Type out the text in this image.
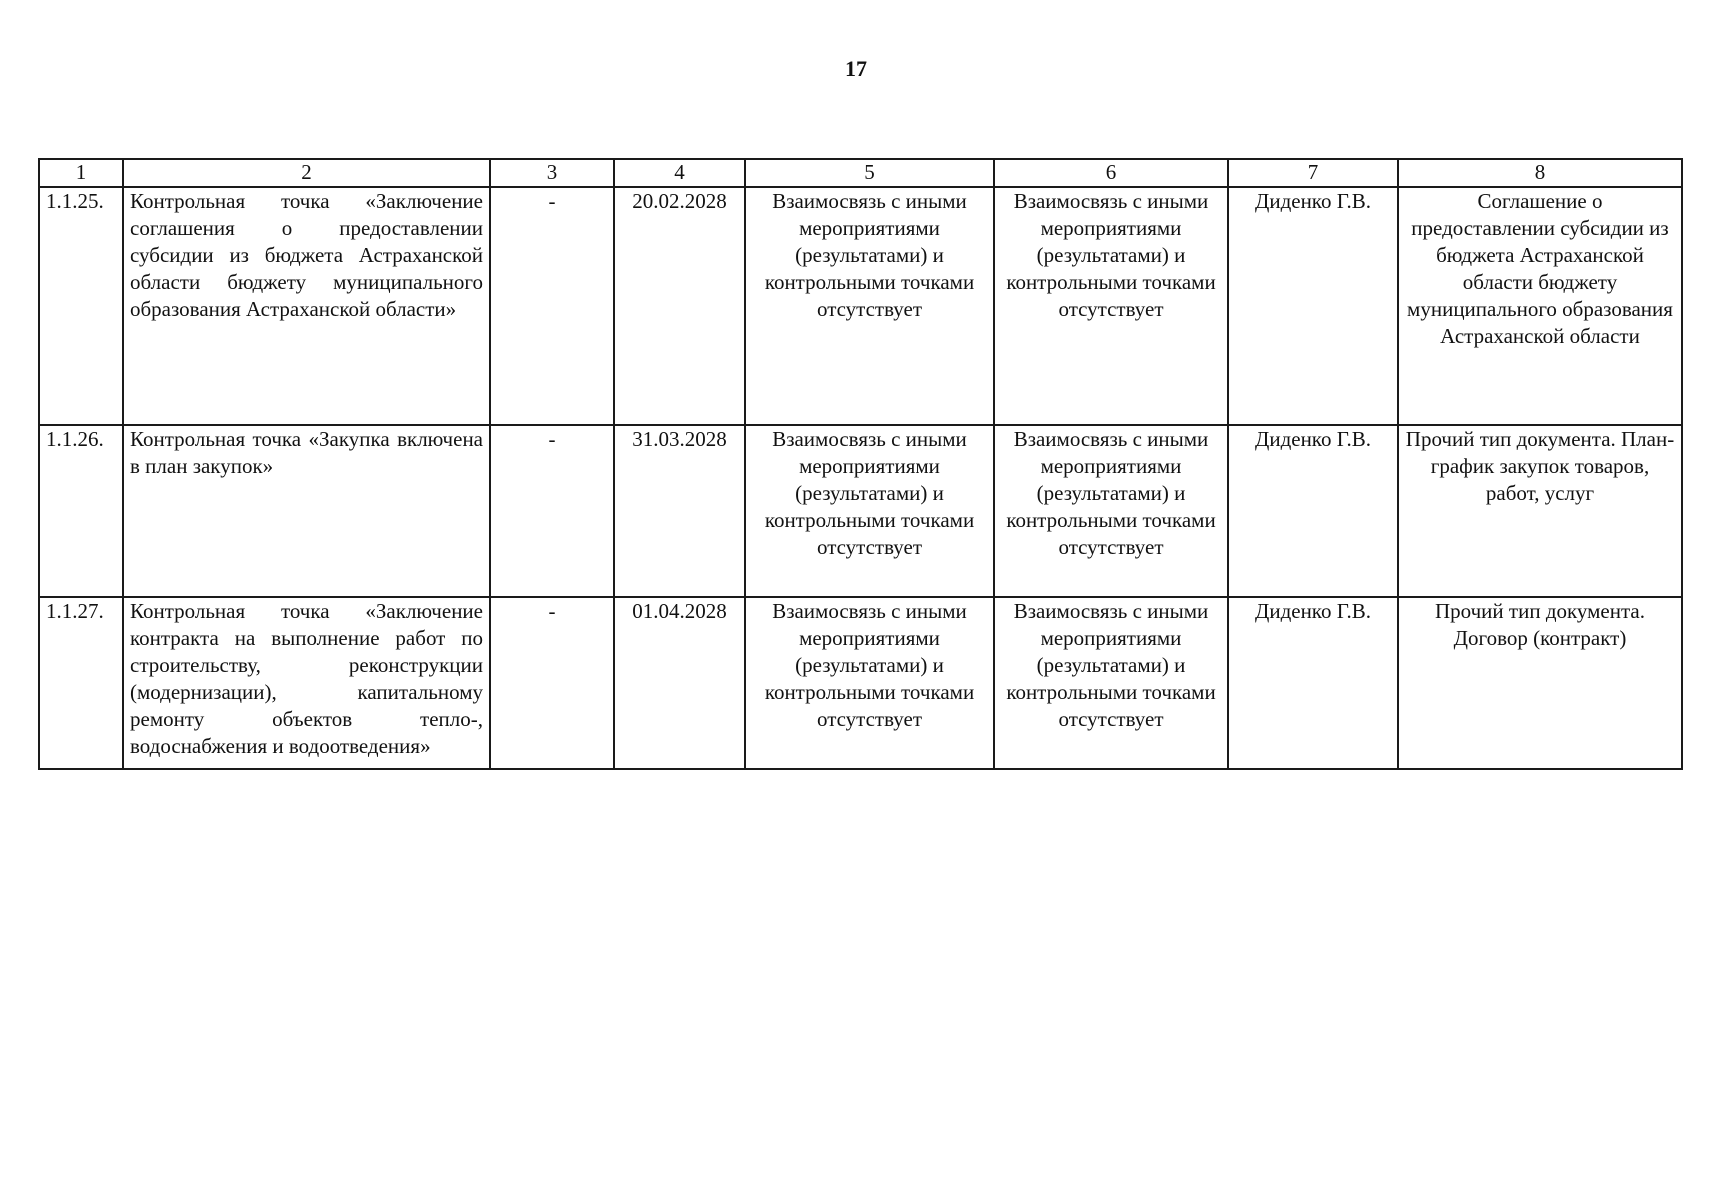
17
1	2	3	4	5	6	7	8
1.1.25.	Контрольная точка «Заключение соглашения о предоставлении субсидии из бюджета Астраханской области бюджету муниципального образования Астраханской области»	-	20.02.2028	Взаимосвязь с иными мероприятиями (результатами) и контрольными точками отсутствует	Взаимосвязь с иными мероприятиями (результатами) и контрольными точками отсутствует	Диденко Г.В.	Соглашение о предоставлении субсидии из бюджета Астраханской области бюджету муниципального образования Астраханской области
1.1.26.	Контрольная точка «Закупка включена в план закупок»	-	31.03.2028	Взаимосвязь с иными мероприятиями (результатами) и контрольными точками отсутствует	Взаимосвязь с иными мероприятиями (результатами) и контрольными точками отсутствует	Диденко Г.В.	Прочий тип документа. План-график закупок товаров, работ, услуг
1.1.27.	Контрольная точка «Заключение контракта на выполнение работ по строительству, реконструкции (модернизации), капитальному ремонту объектов тепло-, водоснабжения и водоотведения»	-	01.04.2028	Взаимосвязь с иными мероприятиями (результатами) и контрольными точками отсутствует	Взаимосвязь с иными мероприятиями (результатами) и контрольными точками отсутствует	Диденко Г.В.	Прочий тип документа. Договор (контракт)
